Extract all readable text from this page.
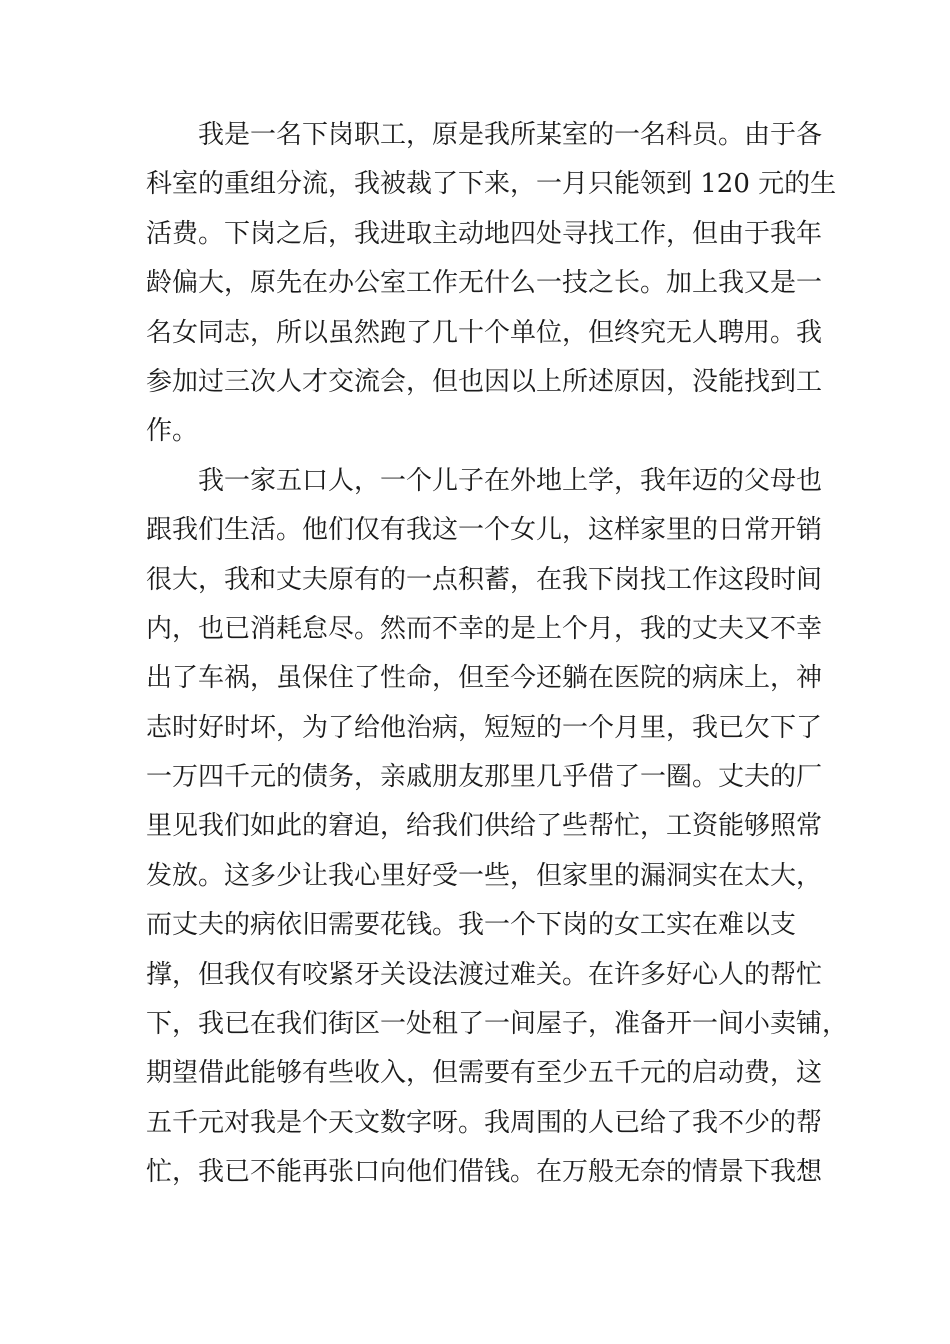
我是一名下岗职工，原是我所某室的一名科员。由于各
科室的重组分流，我被裁了下来，一月只能领到 120 元的生
活费。下岗之后，我进取主动地四处寻找工作，但由于我年
龄偏大，原先在办公室工作无什么一技之长。加上我又是一
名女同志，所以虽然跑了几十个单位，但终究无人聘用。我
参加过三次人才交流会，但也因以上所述原因，没能找到工
作。
我一家五口人，一个儿子在外地上学，我年迈的父母也
跟我们生活。他们仅有我这一个女儿，这样家里的日常开销
很大，我和丈夫原有的一点积蓄，在我下岗找工作这段时间
内，也已消耗怠尽。然而不幸的是上个月，我的丈夫又不幸
出了车祸，虽保住了性命，但至今还躺在医院的病床上，神
志时好时坏，为了给他治病，短短的一个月里，我已欠下了
一万四千元的债务，亲戚朋友那里几乎借了一圈。丈夫的厂
里见我们如此的窘迫，给我们供给了些帮忙，工资能够照常
发放。这多少让我心里好受一些，但家里的漏洞实在太大，
而丈夫的病依旧需要花钱。我一个下岗的女工实在难以支
撑，但我仅有咬紧牙关设法渡过难关。在许多好心人的帮忙
下，我已在我们街区一处租了一间屋子，准备开一间小卖铺，
期望借此能够有些收入，但需要有至少五千元的启动费，这
五千元对我是个天文数字呀。我周围的人已给了我不少的帮
忙，我已不能再张口向他们借钱。在万般无奈的情景下我想
